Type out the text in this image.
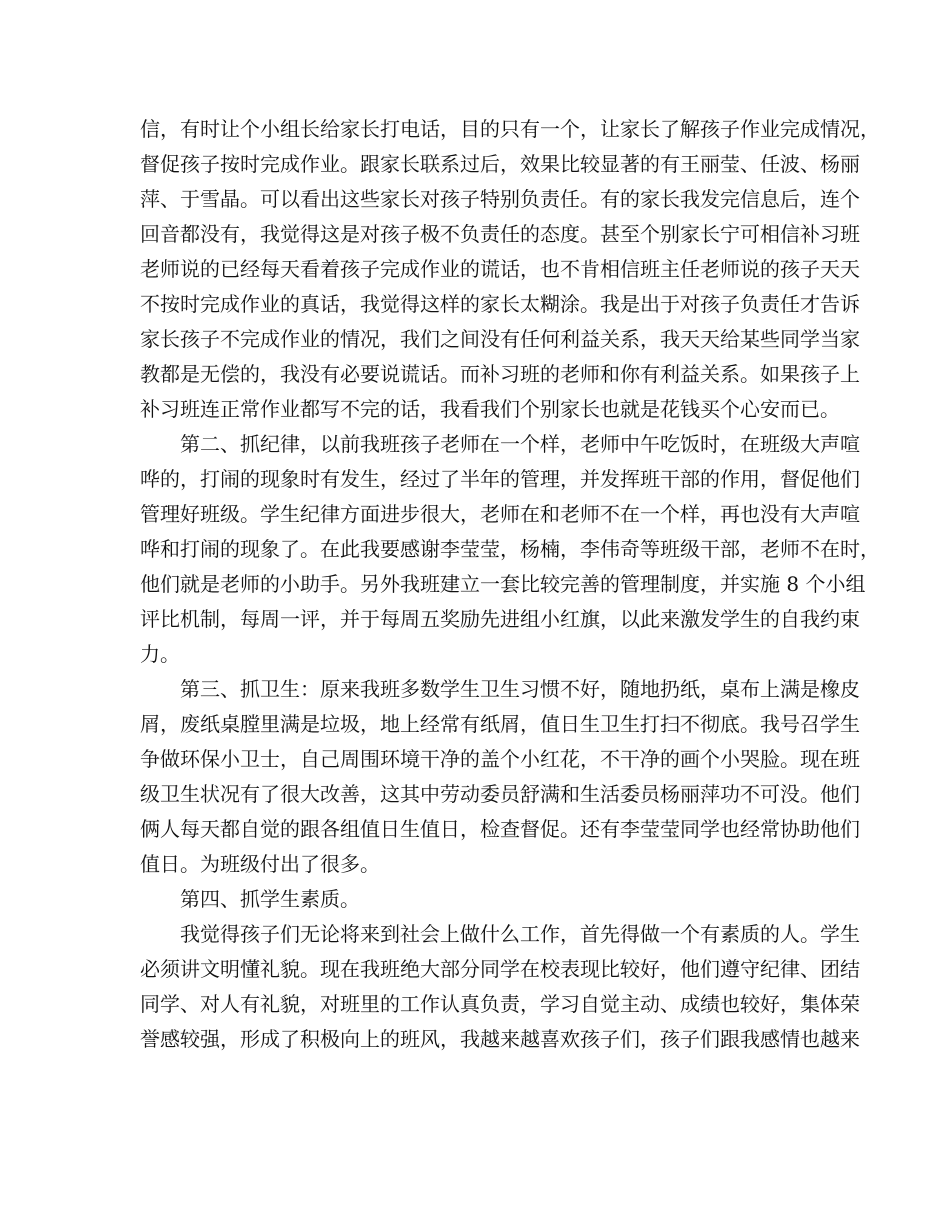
信，有时让个小组长给家长打电话，目的只有一个，让家长了解孩子作业完成情况，
督促孩子按时完成作业。跟家长联系过后，效果比较显著的有王丽莹、任波、杨丽
萍、于雪晶。可以看出这些家长对孩子特别负责任。有的家长我发完信息后，连个
回音都没有，我觉得这是对孩子极不负责任的态度。甚至个别家长宁可相信补习班
老师说的已经每天看着孩子完成作业的谎话，也不肯相信班主任老师说的孩子天天
不按时完成作业的真话，我觉得这样的家长太糊涂。我是出于对孩子负责任才告诉
家长孩子不完成作业的情况，我们之间没有任何利益关系，我天天给某些同学当家
教都是无偿的，我没有必要说谎话。而补习班的老师和你有利益关系。如果孩子上
补习班连正常作业都写不完的话，我看我们个别家长也就是花钱买个心安而已。
第二、抓纪律，以前我班孩子老师在一个样，老师中午吃饭时，在班级大声喧
哗的，打闹的现象时有发生，经过了半年的管理，并发挥班干部的作用，督促他们
管理好班级。学生纪律方面进步很大，老师在和老师不在一个样，再也没有大声喧
哗和打闹的现象了。在此我要感谢李莹莹，杨楠，李伟奇等班级干部，老师不在时，
他们就是老师的小助手。另外我班建立一套比较完善的管理制度，并实施 8 个小组
评比机制，每周一评，并于每周五奖励先进组小红旗，以此来激发学生的自我约束
力。
第三、抓卫生：原来我班多数学生卫生习惯不好，随地扔纸，桌布上满是橡皮
屑，废纸桌膛里满是垃圾，地上经常有纸屑，值日生卫生打扫不彻底。我号召学生
争做环保小卫士，自己周围环境干净的盖个小红花，不干净的画个小哭脸。现在班
级卫生状况有了很大改善，这其中劳动委员舒满和生活委员杨丽萍功不可没。他们
俩人每天都自觉的跟各组值日生值日，检查督促。还有李莹莹同学也经常协助他们
值日。为班级付出了很多。
第四、抓学生素质。
我觉得孩子们无论将来到社会上做什么工作，首先得做一个有素质的人。学生
必须讲文明懂礼貌。现在我班绝大部分同学在校表现比较好，他们遵守纪律、团结
同学、对人有礼貌，对班里的工作认真负责，学习自觉主动、成绩也较好，集体荣
誉感较强，形成了积极向上的班风，我越来越喜欢孩子们，孩子们跟我感情也越来
